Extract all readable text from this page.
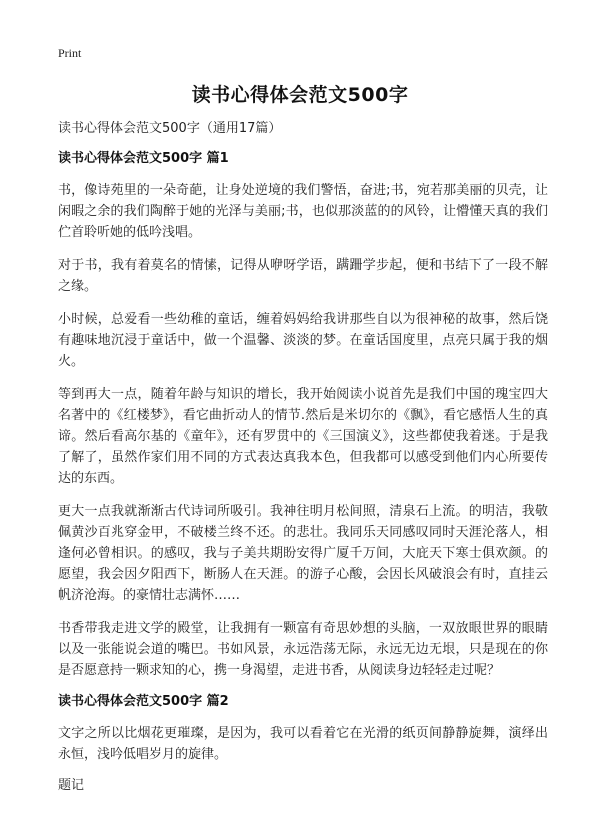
Print
读书心得体会范文500字
读书心得体会范文500字（通用17篇）
读书心得体会范文500字 篇1

书，像诗苑里的一朵奇葩，让身处逆境的我们警悟，奋进;书，宛若那美丽的贝壳，让闲暇之余的我们陶醉于她的光泽与美丽;书，也似那淡蓝的的风铃，让懵懂天真的我们伫首聆听她的低吟浅唱。

对于书，我有着莫名的情愫，记得从咿呀学语，蹒跚学步起，便和书结下了一段不解之缘。

小时候，总爱看一些幼稚的童话，缠着妈妈给我讲那些自以为很神秘的故事，然后饶有趣味地沉浸于童话中，做一个温馨、淡淡的梦。在童话国度里，点亮只属于我的烟火。

等到再大一点，随着年龄与知识的增长，我开始阅读小说首先是我们中国的瑰宝四大名著中的《红楼梦》，看它曲折动人的情节.然后是米切尔的《飘》，看它感悟人生的真谛。然后看高尔基的《童年》，还有罗贯中的《三国演义》，这些都使我着迷。于是我了解了，虽然作家们用不同的方式表达真我本色，但我都可以感受到他们内心所要传达的东西。

更大一点我就渐渐古代诗词所吸引。我神往明月松间照，清泉石上流。的明洁，我敬佩黄沙百兆穿金甲，不破楼兰终不还。的悲壮。我同乐天同感叹同时天涯沦落人，相逢何必曾相识。的感叹，我与子美共期盼安得广厦千万间，大庇天下寒士俱欢颜。的愿望，我会因夕阳西下，断肠人在天涯。的游子心酸，会因长风破浪会有时，直挂云帆济沧海。的豪情壮志满怀……

书香带我走进文学的殿堂，让我拥有一颗富有奇思妙想的头脑，一双放眼世界的眼睛以及一张能说会道的嘴巴。书如风景，永远浩荡无际，永远无边无垠，只是现在的你是否愿意持一颗求知的心，携一身渴望，走进书香，从阅读身边轻轻走过呢？

读书心得体会范文500字 篇2

文字之所以比烟花更璀璨，是因为，我可以看着它在光滑的纸页间静静旋舞，演绎出永恒，浅吟低唱岁月的旋律。

题记
